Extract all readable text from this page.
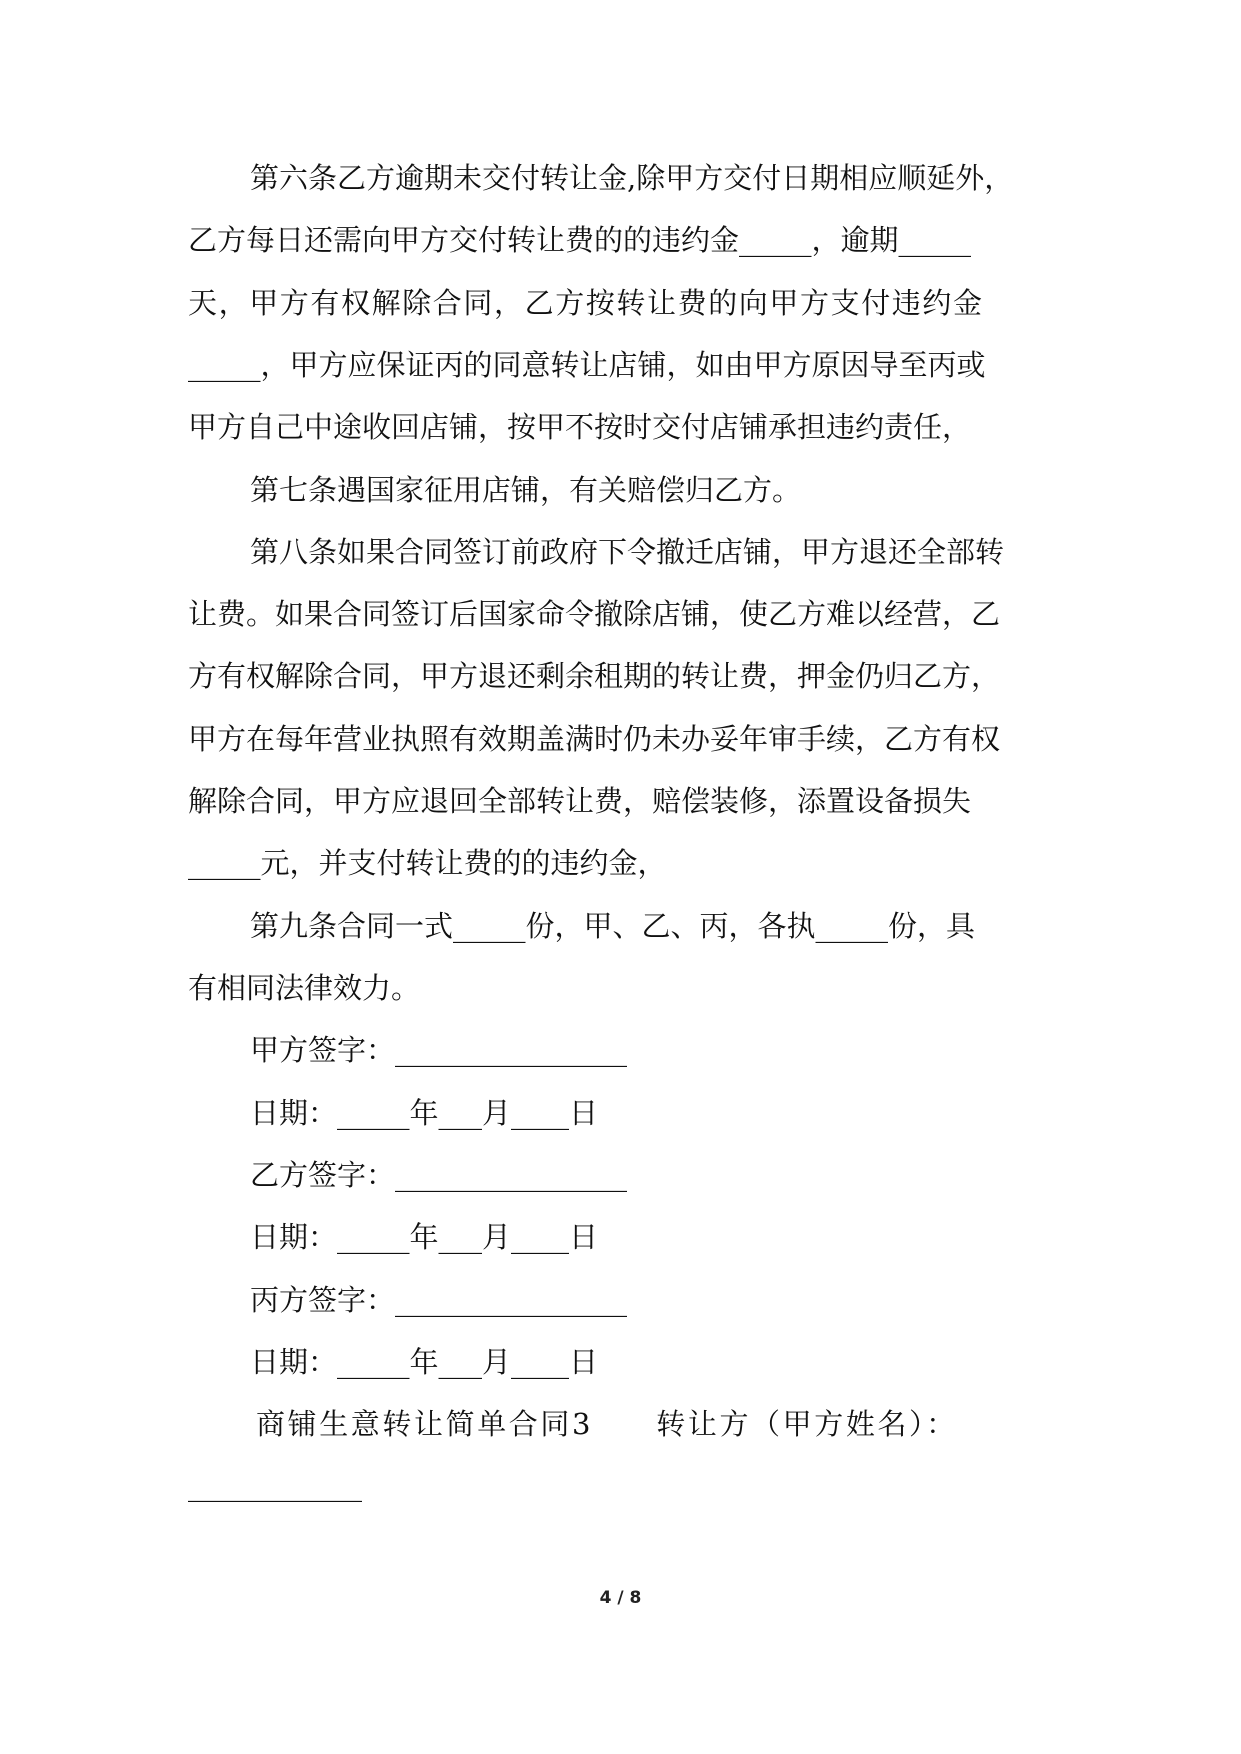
第六条乙方逾期未交付转让金,除甲方交付日期相应顺延外，
乙方每日还需向甲方交付转让费的的违约金_____，逾期_____
天，甲方有权解除合同，乙方按转让费的向甲方支付违约金
_____，甲方应保证丙的同意转让店铺，如由甲方原因导至丙或
甲方自己中途收回店铺，按甲不按时交付店铺承担违约责任，
第七条遇国家征用店铺，有关赔偿归乙方。
第八条如果合同签订前政府下令撤迁店铺，甲方退还全部转
让费。如果合同签订后国家命令撤除店铺，使乙方难以经营，乙
方有权解除合同，甲方退还剩余租期的转让费，押金仍归乙方，
甲方在每年营业执照有效期盖满时仍未办妥年审手续，乙方有权
解除合同，甲方应退回全部转让费，赔偿装修，添置设备损失
_____元，并支付转让费的的违约金，
第九条合同一式_____份，甲、乙、丙，各执_____份，具
有相同法律效力。
甲方签字：________________
日期：_____年___月____日
乙方签字：________________
日期：_____年___月____日
丙方签字：________________
日期：_____年___月____日
商铺生意转让简单合同3　　转让方（甲方姓名）：
____________
4 / 8
